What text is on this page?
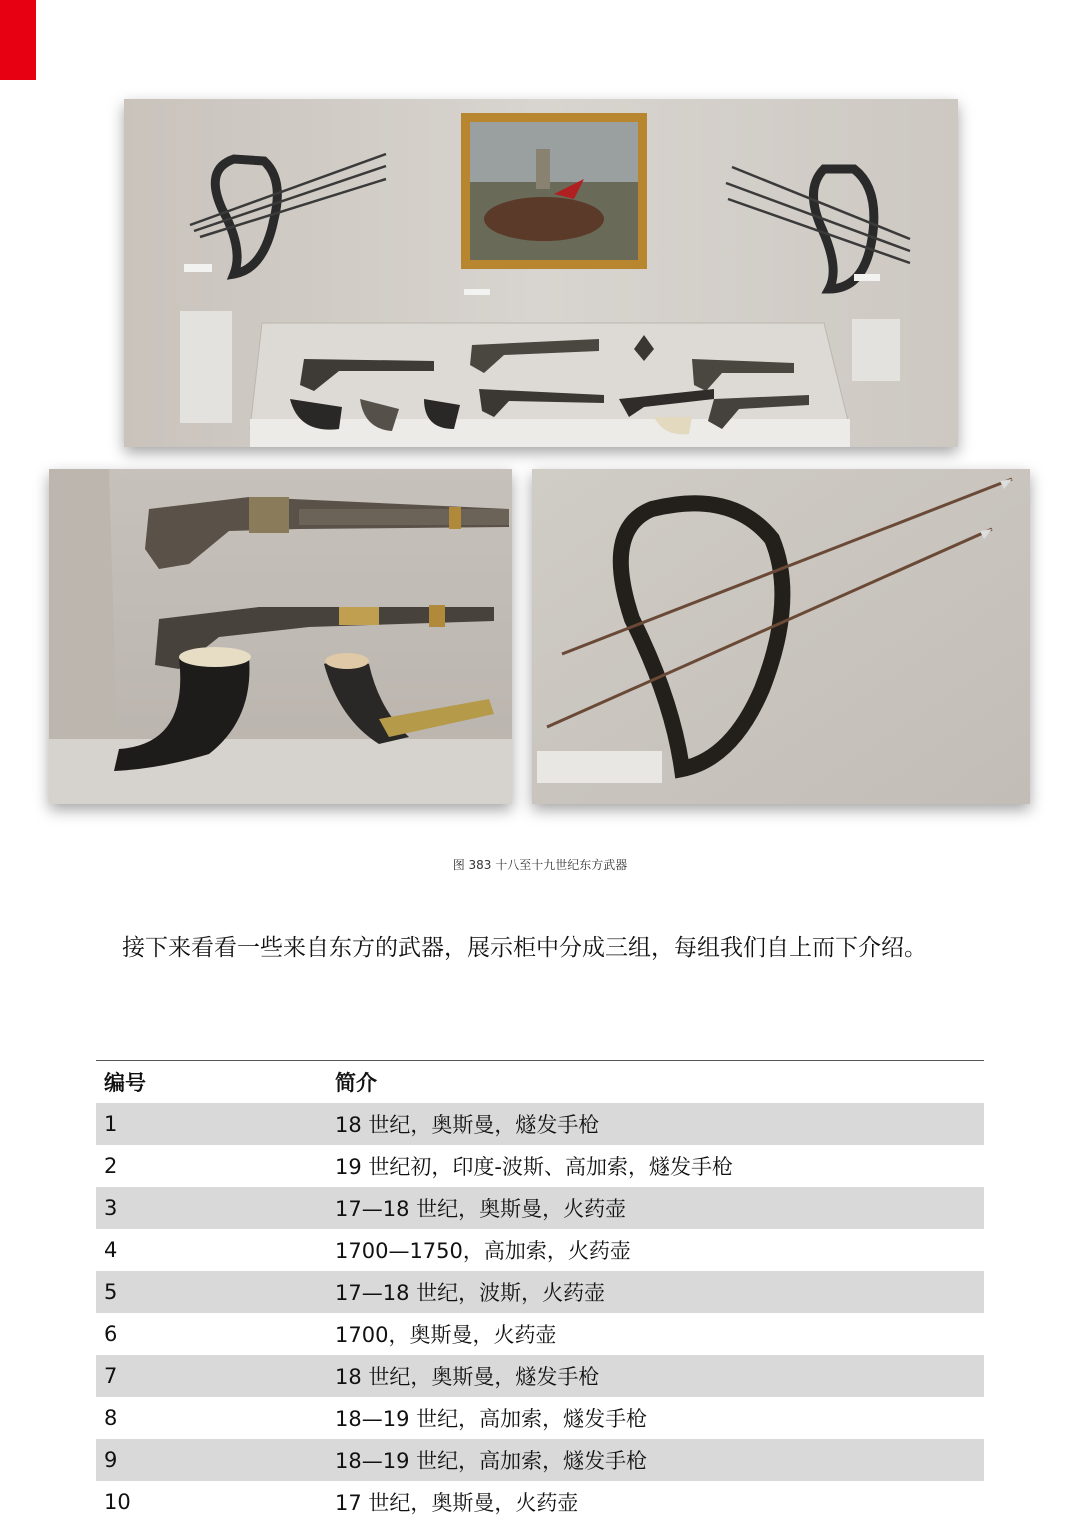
图 383 十八至十九世纪东方武器
接下来看看一些来自东方的武器，展示柜中分成三组，每组我们自上而下介绍。
编号	简介
1	18 世纪，奥斯曼，燧发手枪
2	19 世纪初，印度-波斯、高加索，燧发手枪
3	17—18 世纪，奥斯曼，火药壶
4	1700—1750，高加索，火药壶
5	17—18 世纪，波斯，火药壶
6	1700，奥斯曼，火药壶
7	18 世纪，奥斯曼，燧发手枪
8	18—19 世纪，高加索，燧发手枪
9	18—19 世纪，高加索，燧发手枪
10	17 世纪，奥斯曼，火药壶
